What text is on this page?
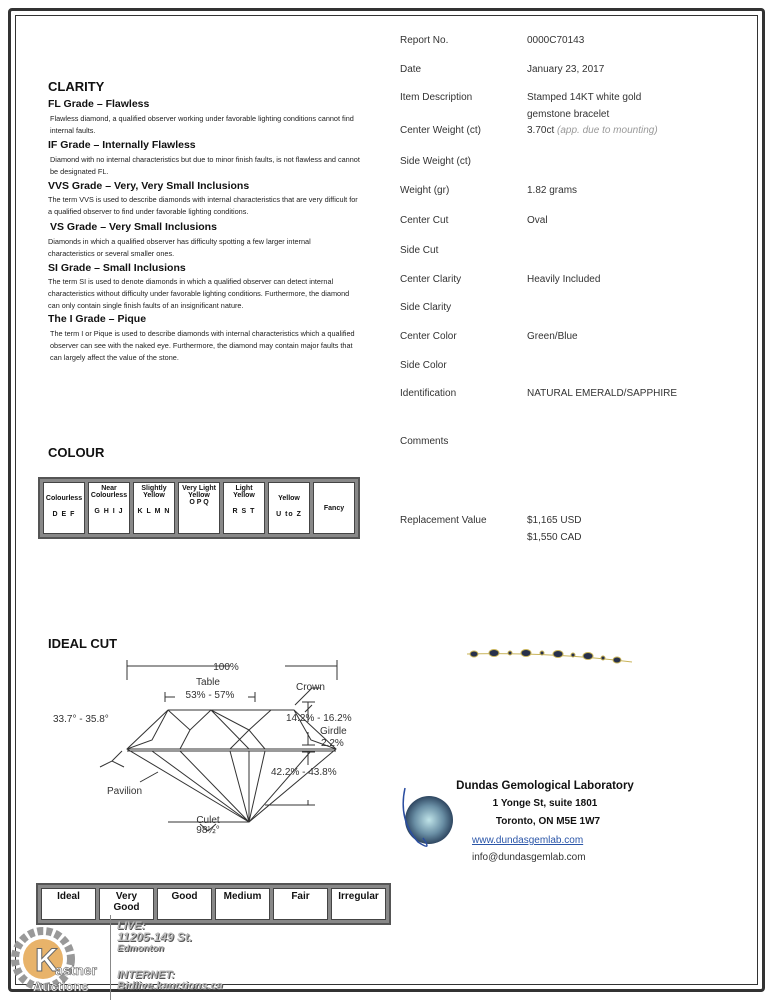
CLARITY
FL Grade – Flawless
Flawless diamond, a qualified observer working under favorable lighting conditions cannot find internal faults.
IF Grade – Internally Flawless
Diamond with no internal characteristics but due to minor finish faults, is not flawless and cannot be designated FL.
VVS Grade – Very, Very Small Inclusions
The term VVS is used to describe diamonds with internal characteristics that are very difficult for a qualified observer to find under favorable lighting conditions.
VS Grade – Very Small Inclusions
Diamonds in which a qualified observer has difficulty spotting a few larger internal characteristics or several smaller ones.
SI Grade – Small Inclusions
The term SI is used to denote diamonds in which a qualified observer can detect internal characteristics without difficulty under favorable lighting conditions. Furthermore, the diamond can only contain single finish faults of an insignificant nature.
The I Grade – Pique
The term I or Pique is used to describe diamonds with internal characteristics which a qualified observer can see with the naked eye. Furthermore, the diamond may contain major faults that can largely affect the value of the stone.
COLOUR
Colourless
D E F

Near Colourless
G H I J

Slightly Yellow
K L M N

Very Light Yellow
O P Q

Light Yellow
R S T

Yellow
U to Z
	Fancy
IDEAL CUT
100%
Table
53% - 57%
Crown
33.7° - 35.8°	14.2% - 16.2%
Girdle
2.2%
42.2% - 43.8%
Pavilion
Culet
98½°
Ideal	Very Good	Good	Medium	Fair	Irregular
Report No.	0000C70143
Date	January 23, 2017
Item Description	Stamped 14KT white gold
gemstone bracelet
Center Weight (ct)	3.70ct (app. due to mounting)
Side Weight (ct)
Weight (gr)	1.82 grams
Center Cut	Oval
Side Cut
Center Clarity	Heavily Included
Side Clarity
Center Color	Green/Blue
Side Color
Identification	NATURAL EMERALD/SAPPHIRE
Comments
Replacement Value	$1,165 USD
$1,550 CAD
Dundas Gemological Laboratory
1 Yonge St, suite 1801
Toronto, ON M5E 1W7
www.dundasgemlab.com
info@dundasgemlab.com
K
astner
Auctions
LIVE:
11205-149 St.
Edmonton
INTERNET:
Bidlive.kauctions.ca
